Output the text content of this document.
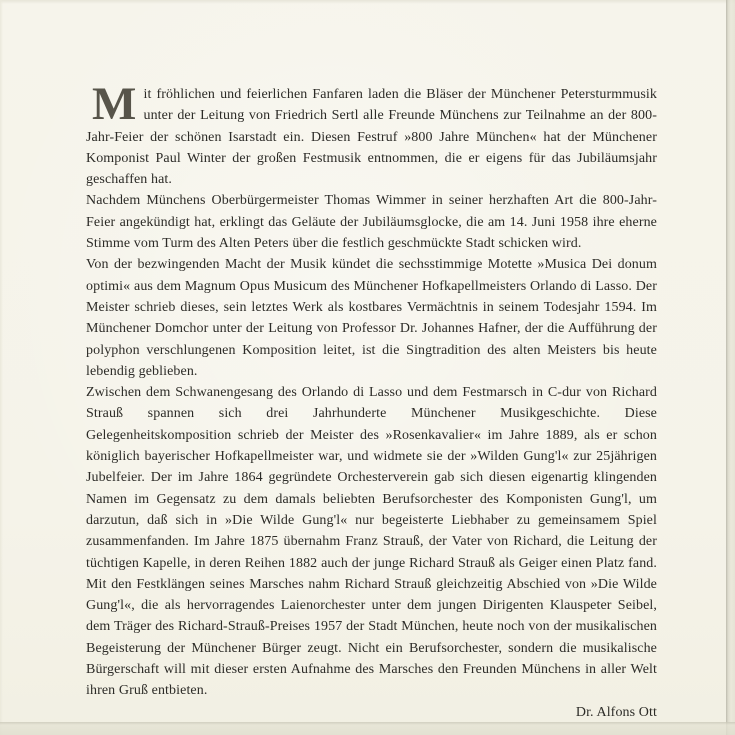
Mit fröhlichen und feierlichen Fanfaren laden die Bläser der Münchener Petersturmmusik unter der Leitung von Friedrich Sertl alle Freunde Münchens zur Teilnahme an der 800-Jahr-Feier der schönen Isarstadt ein. Diesen Festruf »800 Jahre München« hat der Münchener Komponist Paul Winter der großen Festmusik entnommen, die er eigens für das Jubiläumsjahr geschaffen hat.

Nachdem Münchens Oberbürgermeister Thomas Wimmer in seiner herzhaften Art die 800-Jahr-Feier angekündigt hat, erklingt das Geläute der Jubiläumsglocke, die am 14. Juni 1958 ihre eherne Stimme vom Turm des Alten Peters über die festlich geschmückte Stadt schicken wird.

Von der bezwingenden Macht der Musik kündet die sechsstimmige Motette »Musica Dei donum optimi« aus dem Magnum Opus Musicum des Münchener Hofkapellmeisters Orlando di Lasso. Der Meister schrieb dieses, sein letztes Werk als kostbares Vermächtnis in seinem Todesjahr 1594. Im Münchener Domchor unter der Leitung von Professor Dr. Johannes Hafner, der die Aufführung der polyphon verschlungenen Komposition leitet, ist die Singtradition des alten Meisters bis heute lebendig geblieben.

Zwischen dem Schwanengesang des Orlando di Lasso und dem Festmarsch in C-dur von Richard Strauß spannen sich drei Jahrhunderte Münchener Musikgeschichte. Diese Gelegenheitskomposition schrieb der Meister des »Rosenkavalier« im Jahre 1889, als er schon königlich bayerischer Hofkapellmeister war, und widmete sie der »Wilden Gung'l« zur 25jährigen Jubelfeier. Der im Jahre 1864 gegründete Orchesterverein gab sich diesen eigenartig klingenden Namen im Gegensatz zu dem damals beliebten Berufsorchester des Komponisten Gung'l, um darzutun, daß sich in »Die Wilde Gung'l« nur begeisterte Liebhaber zu gemeinsamem Spiel zusammenfanden. Im Jahre 1875 übernahm Franz Strauß, der Vater von Richard, die Leitung der tüchtigen Kapelle, in deren Reihen 1882 auch der junge Richard Strauß als Geiger einen Platz fand. Mit den Festklängen seines Marsches nahm Richard Strauß gleichzeitig Abschied von »Die Wilde Gung'l«, die als hervorragendes Laienorchester unter dem jungen Dirigenten Klauspeter Seibel, dem Träger des Richard-Strauß-Preises 1957 der Stadt München, heute noch von der musikalischen Begeisterung der Münchener Bürger zeugt. Nicht ein Berufsorchester, sondern die musikalische Bürgerschaft will mit dieser ersten Aufnahme des Marsches den Freunden Münchens in aller Welt ihren Gruß entbieten.

Dr. Alfons Ott
